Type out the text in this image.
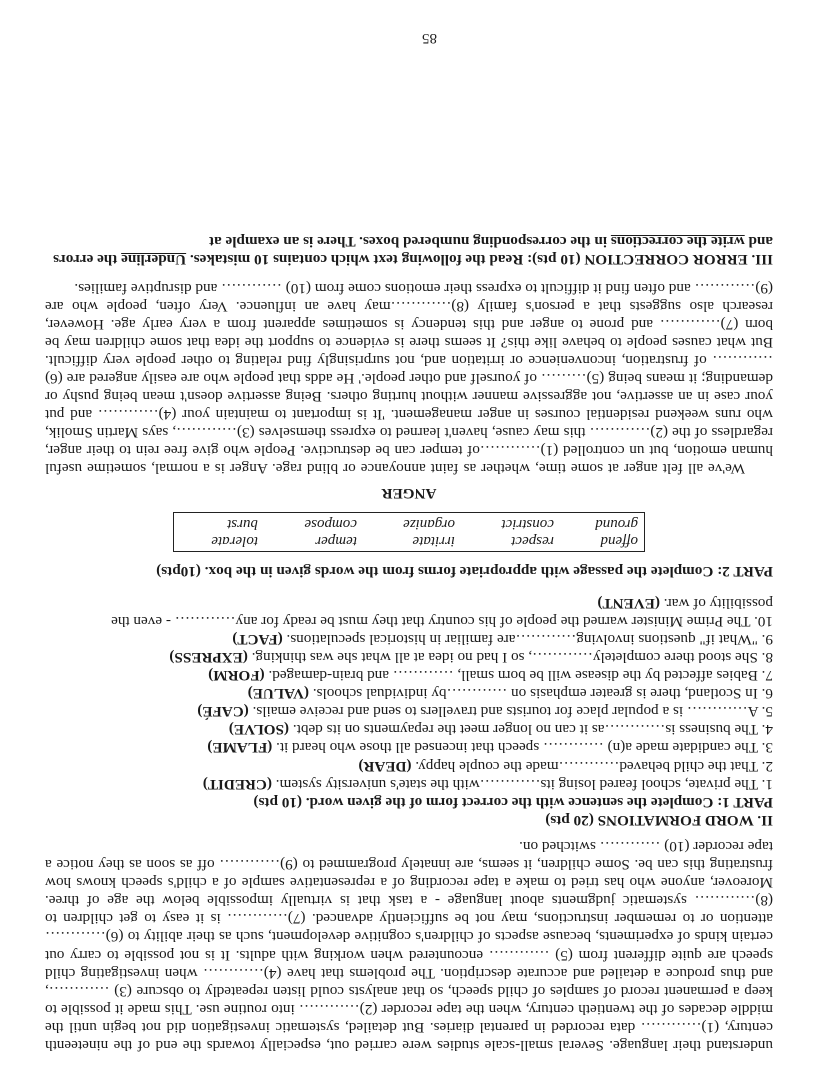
understand their language. Several small-scale studies were carried out, especially towards the end of the nineteenth century, (1)………… data recorded in parental diaries. But detailed, systematic investigation did not begin until the middle decades of the twentieth century, when the tape recorder (2)………… into routine use. This made it possible to keep a permanent record of samples of child speech, so that analysts could listen repeatedly to obscure (3) …………, and thus produce a detailed and accurate description. The problems that have (4)………… when investigating child speech are quite different from (5) ………… encountered when working with adults. It is not possible to carry out certain kinds of experiments, because aspects of children's cognitive development, such as their ability to (6)…………attention or to remember instructions, may not be sufficiently advanced. (7)………… is it easy to get children to (8)………… systematic judgments about language - a task that is virtually impossible below the age of three. Moreover, anyone who has tried to make a tape recording of a representative sample of a child's speech knows how frustrating this can be. Some children, it seems, are innately programmed to (9)………… off as soon as they notice a tape recorder (10) ………… switched on.

II. WORD FORMATIONS (20 pts)

PART 1: Complete the sentence with the correct form of the given word. (10 pts)

1. The private, school feared losing its…………with the state's university system. (CREDIT)

2. That the child behaved…………made the couple happy. (DEAR)

3. The candidate made a(n) ………… speech that incensed all those who heard it. (FLAME)

4. The business is…………as it can no longer meet the repayments on its debt. (SOLVE)

5. A………… is a popular place for tourists and travellers to send and receive emails. (CAFÉ)

6. In Scotland, there is greater emphasis on …………by individual schools. (VALUE)

7. Babies affected by the disease will be born small, ………… and brain-damaged. (FORM)

8. She stood there completely…………, so I had no idea at all what she was thinking. (EXPRESS)

9. "What if" questions involving…………are familiar in historical speculations. (FACT)

10. The Prime Minister warned the people of his country that they must be ready for any………… - even the possibility of war. (EVENT)

PART 2: Complete the passage with appropriate forms from the words given in the box. (10pts)

offend	respect	irritate	temper	tolerate
ground	constrict	organize	compose	burst

ANGER

We've all felt anger at some time, whether as faint annoyance or blind rage. Anger is a normal, sometime useful human emotion, but un controlled (1)…………of temper can be destructive. People who give free rein to their anger, regardless of the (2)………… this may cause, haven't learned to express themselves (3)…………, says Martin Smolik, who runs weekend residential courses in anger management. 'It is important to maintain your (4)………… and put your case in an assertive, not aggressive manner without hurting others. Being assertive doesn't mean being pushy or demanding; it means being (5)……… of yourself and other people.' He adds that people who are easily angered are (6) ………… of frustration, inconvenience or irritation and, not surprisingly find relating to other people very difficult. But what causes people to behave like this? It seems there is evidence to support the idea that some children may be born (7)………… and prone to anger and this tendency is sometimes apparent from a very early age. However, research also suggests that a person's family (8)…………may have an influence. Very often, people who are (9)………… and often find it difficult to express their emotions come from (10) ………… and disruptive families.

III. ERROR CORRECTION (10 pts): Read the following text which contains 10 mistakes. Underline the errors and write the corrections in the corresponding numbered boxes. There is an example at

85
